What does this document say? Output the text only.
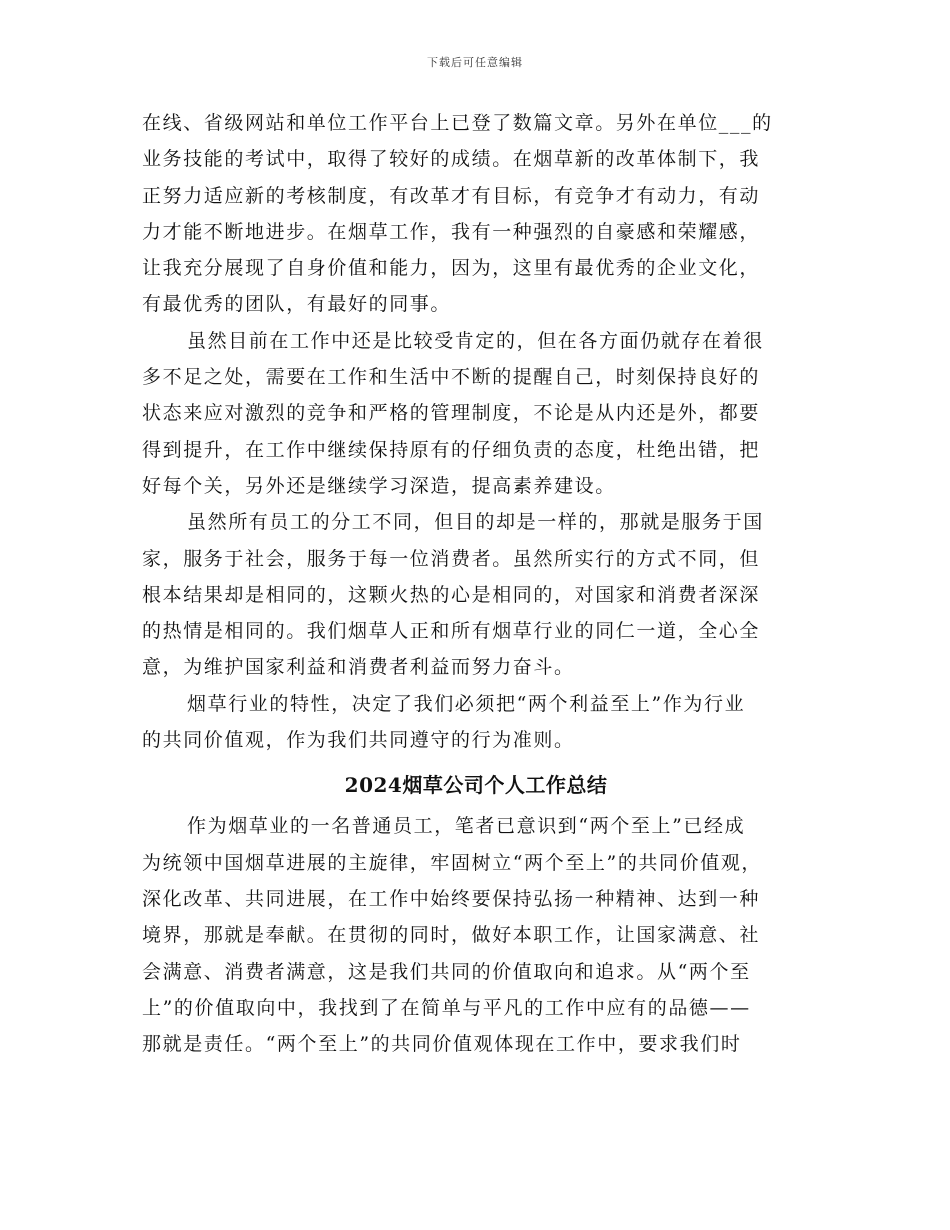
下载后可任意编辑
在线、省级网站和单位工作平台上已登了数篇文章。另外在单位___的
业务技能的考试中，取得了较好的成绩。在烟草新的改革体制下，我
正努力适应新的考核制度，有改革才有目标，有竞争才有动力，有动
力才能不断地进步。在烟草工作，我有一种强烈的自豪感和荣耀感，
让我充分展现了自身价值和能力，因为，这里有最优秀的企业文化，
有最优秀的团队，有最好的同事。
虽然目前在工作中还是比较受肯定的，但在各方面仍就存在着很
多不足之处，需要在工作和生活中不断的提醒自己，时刻保持良好的
状态来应对激烈的竞争和严格的管理制度，不论是从内还是外，都要
得到提升，在工作中继续保持原有的仔细负责的态度，杜绝出错，把
好每个关，另外还是继续学习深造，提高素养建设。
虽然所有员工的分工不同，但目的却是一样的，那就是服务于国
家，服务于社会，服务于每一位消费者。虽然所实行的方式不同，但
根本结果却是相同的，这颗火热的心是相同的，对国家和消费者深深
的热情是相同的。我们烟草人正和所有烟草行业的同仁一道，全心全
意，为维护国家利益和消费者利益而努力奋斗。
烟草行业的特性，决定了我们必须把“两个利益至上”作为行业
的共同价值观，作为我们共同遵守的行为准则。
2024烟草公司个人工作总结
作为烟草业的一名普通员工，笔者已意识到“两个至上”已经成
为统领中国烟草进展的主旋律，牢固树立“两个至上”的共同价值观，
深化改革、共同进展，在工作中始终要保持弘扬一种精神、达到一种
境界，那就是奉献。在贯彻的同时，做好本职工作，让国家满意、社
会满意、消费者满意，这是我们共同的价值取向和追求。从“两个至
上”的价值取向中，我找到了在简单与平凡的工作中应有的品德——
那就是责任。“两个至上”的共同价值观体现在工作中，要求我们时
